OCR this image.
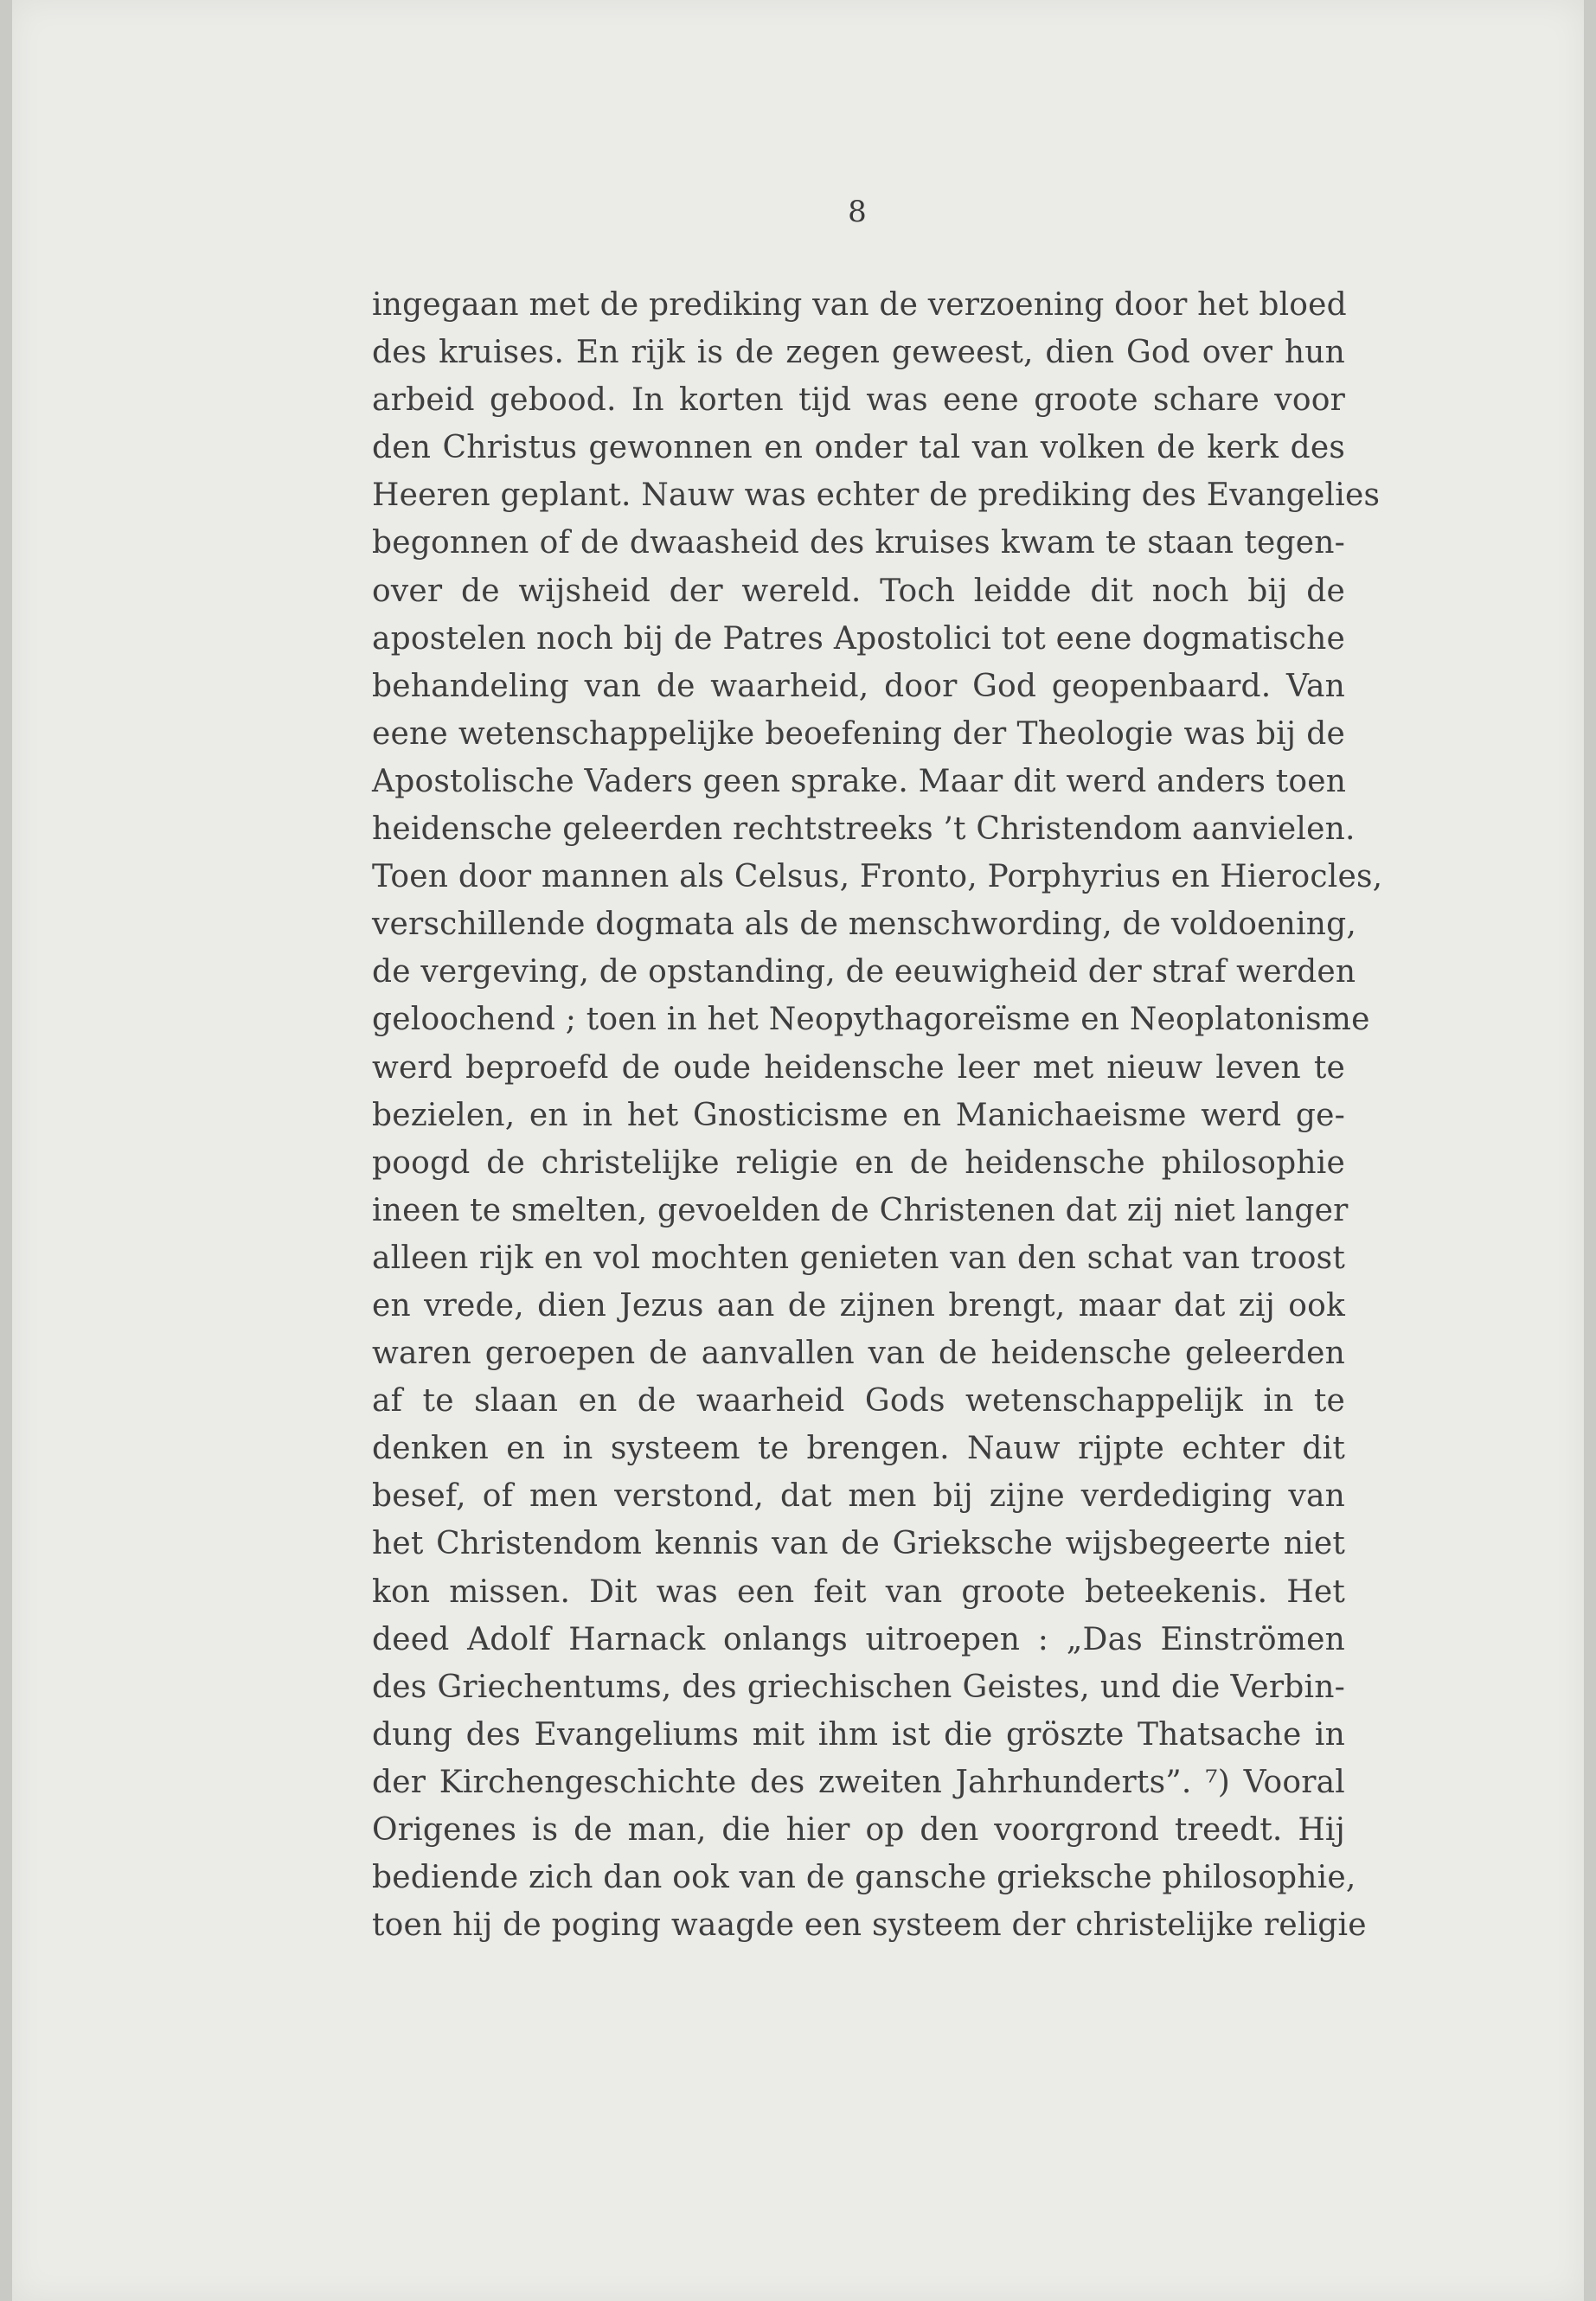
8
ingegaan met de prediking van de verzoening door het bloed
des kruises. En rijk is de zegen geweest, dien God over hun
arbeid gebood. In korten tijd was eene groote schare voor
den Christus gewonnen en onder tal van volken de kerk des
Heeren geplant. Nauw was echter de prediking des Evangelies
begonnen of de dwaasheid des kruises kwam te staan tegen-
over de wijsheid der wereld. Toch leidde dit noch bij de
apostelen noch bij de Patres Apostolici tot eene dogmatische
behandeling van de waarheid, door God geopenbaard. Van
eene wetenschappelijke beoefening der Theologie was bij de
Apostolische Vaders geen sprake. Maar dit werd anders toen
heidensche geleerden rechtstreeks ’t Christendom aanvielen.
Toen door mannen als Celsus, Fronto, Porphyrius en Hierocles,
verschillende dogmata als de menschwording, de voldoening,
de vergeving, de opstanding, de eeuwigheid der straf werden
geloochend ; toen in het Neopythagoreïsme en Neoplatonisme
werd beproefd de oude heidensche leer met nieuw leven te
bezielen, en in het Gnosticisme en Manichaeisme werd ge-
poogd de christelijke religie en de heidensche philosophie
ineen te smelten, gevoelden de Christenen dat zij niet langer
alleen rijk en vol mochten genieten van den schat van troost
en vrede, dien Jezus aan de zijnen brengt, maar dat zij ook
waren geroepen de aanvallen van de heidensche geleerden
af te slaan en de waarheid Gods wetenschappelijk in te
denken en in systeem te brengen. Nauw rijpte echter dit
besef, of men verstond, dat men bij zijne verdediging van
het Christendom kennis van de Grieksche wijsbegeerte niet
kon missen. Dit was een feit van groote beteekenis. Het
deed Adolf Harnack onlangs uitroepen : „Das Einströmen
des Griechentums, des griechischen Geistes, und die Verbin-
dung des Evangeliums mit ihm ist die gröszte Thatsache in
der Kirchengeschichte des zweiten Jahrhunderts”. ⁷) Vooral
Origenes is de man, die hier op den voorgrond treedt. Hij
bediende zich dan ook van de gansche grieksche philosophie,
toen hij de poging waagde een systeem der christelijke religie
